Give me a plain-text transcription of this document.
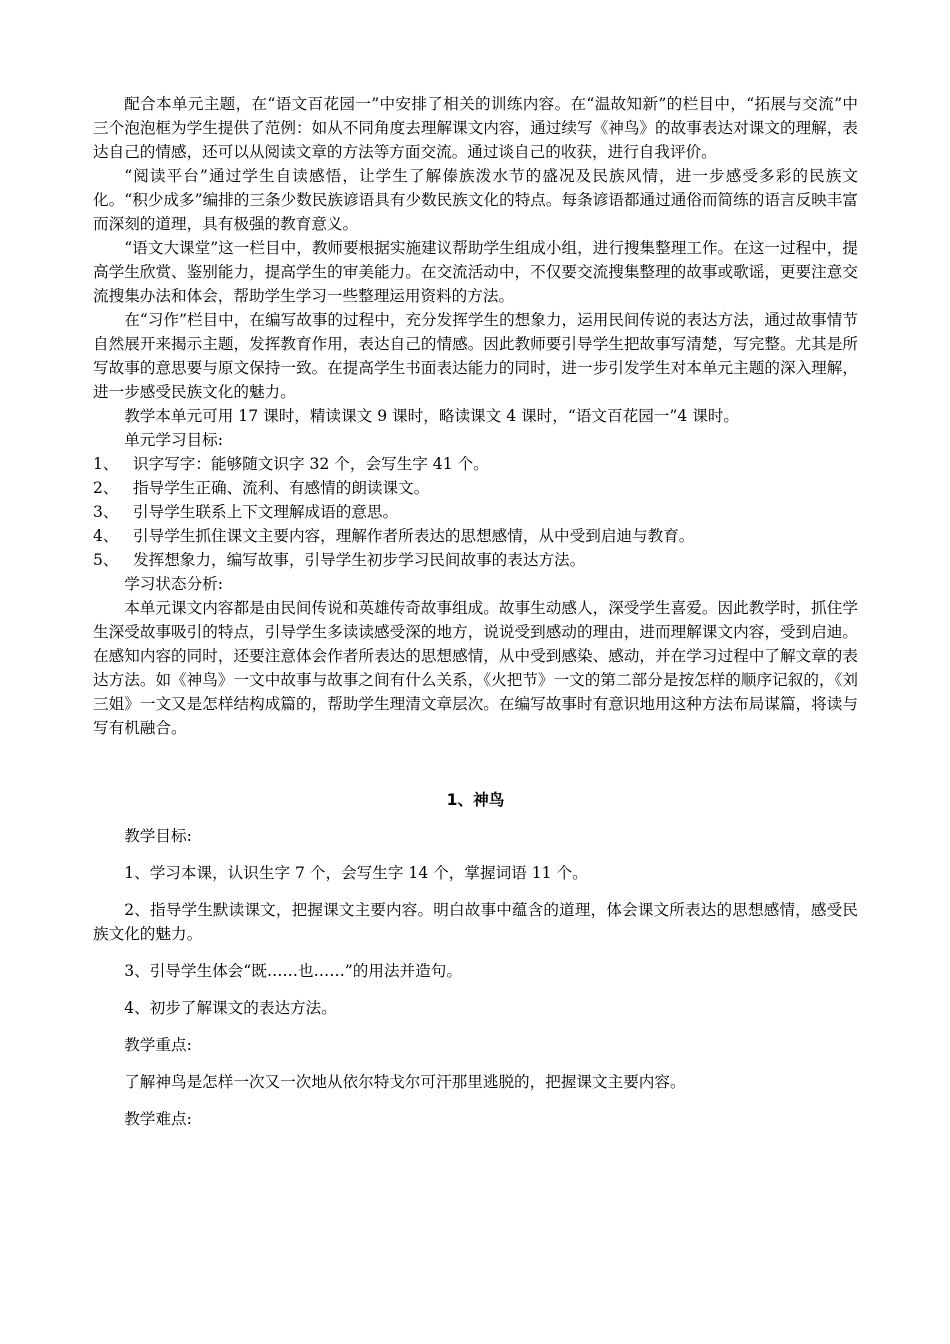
配合本单元主题，在“语文百花园一”中安排了相关的训练内容。在“温故知新”的栏目中，“拓展与交流”中三个泡泡框为学生提供了范例：如从不同角度去理解课文内容，通过续写《神鸟》的故事表达对课文的理解，表达自己的情感，还可以从阅读文章的方法等方面交流。通过谈自己的收获，进行自我评价。

“阅读平台”通过学生自读感悟，让学生了解傣族泼水节的盛况及民族风情，进一步感受多彩的民族文化。“积少成多”编排的三条少数民族谚语具有少数民族文化的特点。每条谚语都通过通俗而简练的语言反映丰富而深刻的道理，具有极强的教育意义。

“语文大课堂”这一栏目中，教师要根据实施建议帮助学生组成小组，进行搜集整理工作。在这一过程中，提高学生欣赏、鉴别能力，提高学生的审美能力。在交流活动中，不仅要交流搜集整理的故事或歌谣，更要注意交流搜集办法和体会，帮助学生学习一些整理运用资料的方法。

在“习作”栏目中，在编写故事的过程中，充分发挥学生的想象力，运用民间传说的表达方法，通过故事情节自然展开来揭示主题，发挥教育作用，表达自己的情感。因此教师要引导学生把故事写清楚，写完整。尤其是所写故事的意思要与原文保持一致。在提高学生书面表达能力的同时，进一步引发学生对本单元主题的深入理解，进一步感受民族文化的魅力。

教学本单元可用 17 课时，精读课文 9 课时，略读课文 4 课时，“语文百花园一”4 课时。

单元学习目标:

1、 识字写字：能够随文识字 32 个，会写生字 41 个。

2、 指导学生正确、流利、有感情的朗读课文。

3、 引导学生联系上下文理解成语的意思。

4、 引导学生抓住课文主要内容，理解作者所表达的思想感情，从中受到启迪与教育。

5、 发挥想象力，编写故事，引导学生初步学习民间故事的表达方法。

学习状态分析:

本单元课文内容都是由民间传说和英雄传奇故事组成。故事生动感人，深受学生喜爱。因此教学时，抓住学生深受故事吸引的特点，引导学生多读读感受深的地方，说说受到感动的理由，进而理解课文内容，受到启迪。在感知内容的同时，还要注意体会作者所表达的思想感情，从中受到感染、感动，并在学习过程中了解文章的表达方法。如《神鸟》一文中故事与故事之间有什么关系，《火把节》一文的第二部分是按怎样的顺序记叙的，《刘三姐》一文又是怎样结构成篇的，帮助学生理清文章层次。在编写故事时有意识地用这种方法布局谋篇，将读与写有机融合。

1、神鸟

教学目标:

1、学习本课，认识生字 7 个，会写生字 14 个，掌握词语 11 个。

2、指导学生默读课文，把握课文主要内容。明白故事中蕴含的道理，体会课文所表达的思想感情，感受民族文化的魅力。

3、引导学生体会“既……也……”的用法并造句。

4、初步了解课文的表达方法。

教学重点:

了解神鸟是怎样一次又一次地从依尔特戈尔可汗那里逃脱的，把握课文主要内容。

教学难点:
